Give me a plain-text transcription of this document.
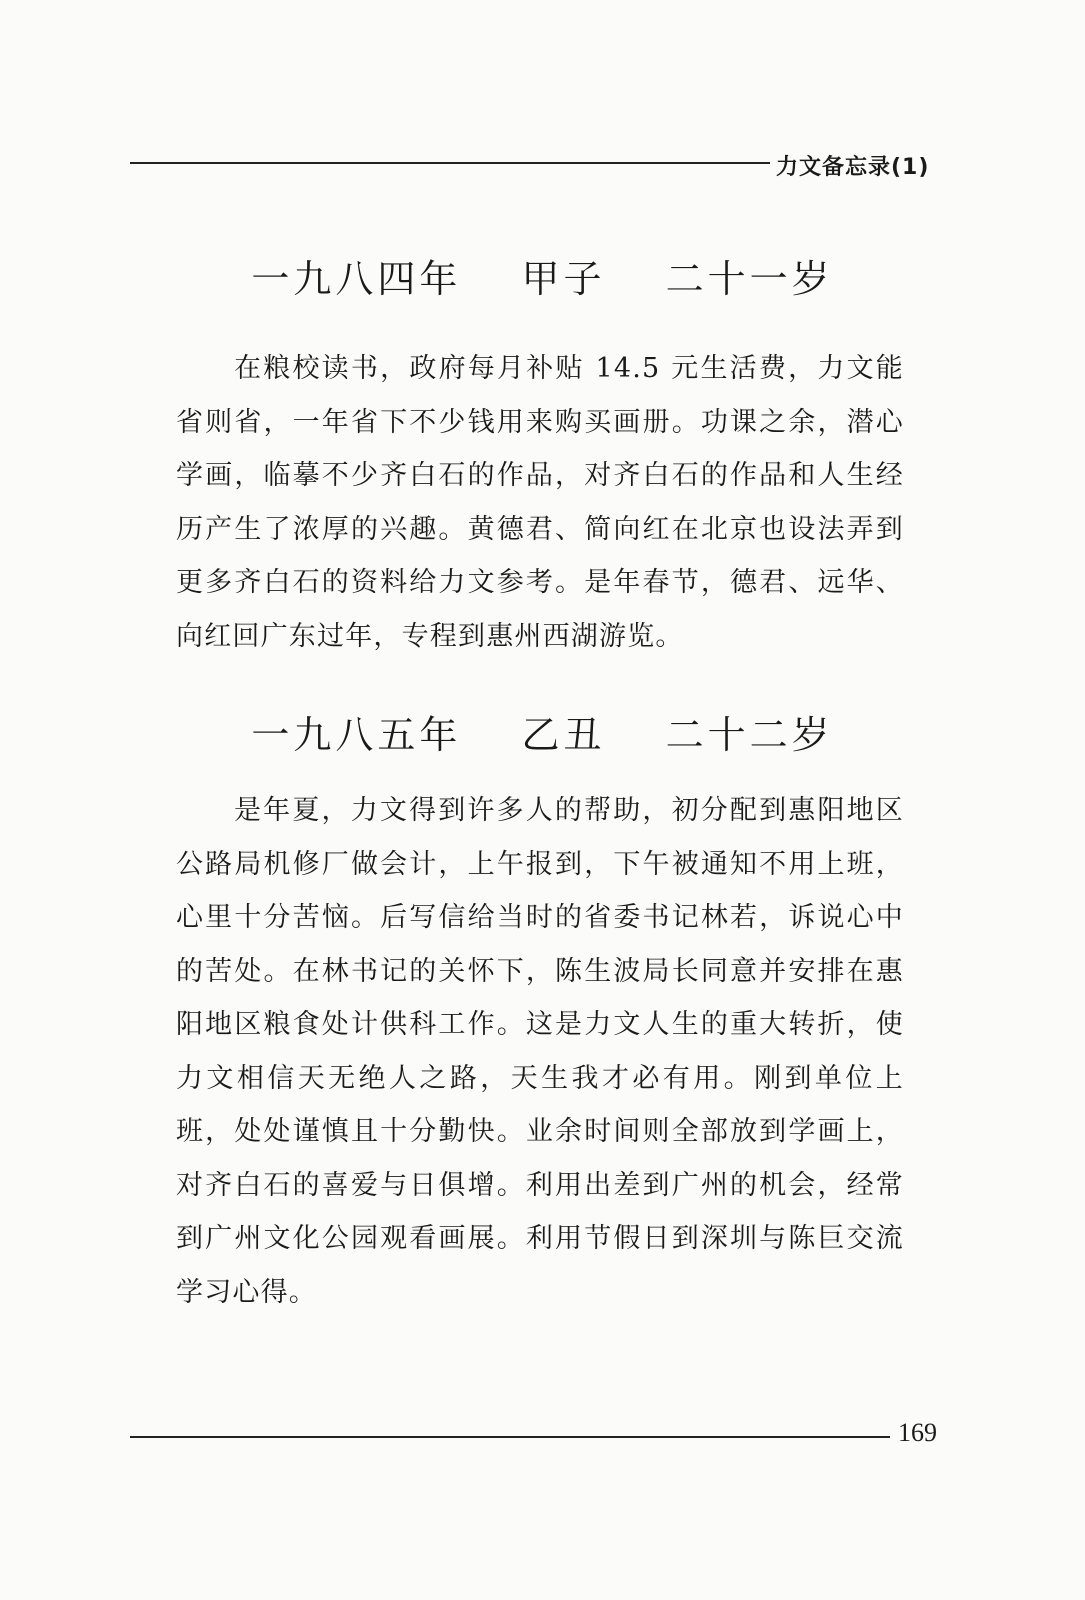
力文备忘录(1)
一九八四年 甲子 二十一岁
在粮校读书，政府每月补贴 14.5 元生活费，力文能省则省，一年省下不少钱用来购买画册。功课之余，潜心学画，临摹不少齐白石的作品，对齐白石的作品和人生经历产生了浓厚的兴趣。黄德君、简向红在北京也设法弄到更多齐白石的资料给力文参考。是年春节，德君、远华、向红回广东过年，专程到惠州西湖游览。
一九八五年 乙丑 二十二岁
是年夏，力文得到许多人的帮助，初分配到惠阳地区公路局机修厂做会计，上午报到，下午被通知不用上班，心里十分苦恼。后写信给当时的省委书记林若，诉说心中的苦处。在林书记的关怀下，陈生波局长同意并安排在惠阳地区粮食处计供科工作。这是力文人生的重大转折，使力文相信天无绝人之路，天生我才必有用。刚到单位上班，处处谨慎且十分勤快。业余时间则全部放到学画上，对齐白石的喜爱与日俱增。利用出差到广州的机会，经常到广州文化公园观看画展。利用节假日到深圳与陈巨交流学习心得。
169
